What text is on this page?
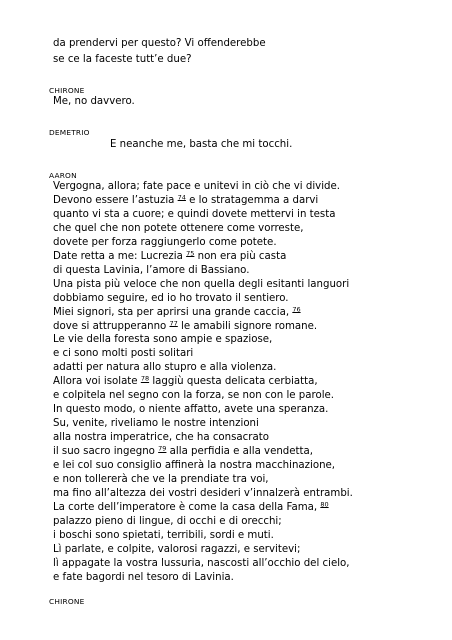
da prendervi per questo? Vi offenderebbe
se ce la faceste tutt’e due?
CHIRONE
Me, no davvero.
DEMETRIO
E neanche me, basta che mi tocchi.
AARON
Vergogna, allora; fate pace e unitevi in ciò che vi divide.
Devono essere l’astuzia $^{74}$ e lo stratagemma a darvi
quanto vi sta a cuore; e quindi dovete mettervi in testa
che quel che non potete ottenere come vorreste,
dovete per forza raggiungerlo come potete.
Date retta a me: Lucrezia $^{75}$ non era più casta
di questa Lavinia, l’amore di Bassiano.
Una pista più veloce che non quella degli esitanti languori
dobbiamo seguire, ed io ho trovato il sentiero.
Miei signori, sta per aprirsi una grande caccia, $^{76}$
dove si attrupperanno $^{77}$ le amabili signore romane.
Le vie della foresta sono ampie e spaziose,
e ci sono molti posti solitari
adatti per natura allo stupro e alla violenza.
Allora voi isolate $^{78}$ laggiù questa delicata cerbiatta,
e colpitela nel segno con la forza, se non con le parole.
In questo modo, o niente affatto, avete una speranza.
Su, venite, riveliamo le nostre intenzioni
alla nostra imperatrice, che ha consacrato
il suo sacro ingegno $^{79}$ alla perfidia e alla vendetta,
e lei col suo consiglio affinerà la nostra macchinazione,
e non tollererà che ve la prendiate tra voi,
ma fino all’altezza dei vostri desideri v’innalzerà entrambi.
La corte dell’imperatore è come la casa della Fama, $^{80}$
palazzo pieno di lingue, di occhi e di orecchi;
i boschi sono spietati, terribili, sordi e muti.
Lì parlate, e colpite, valorosi ragazzi, e servitevi;
lì appagate la vostra lussuria, nascosti all’occhio del cielo,
e fate bagordi nel tesoro di Lavinia.
CHIRONE
